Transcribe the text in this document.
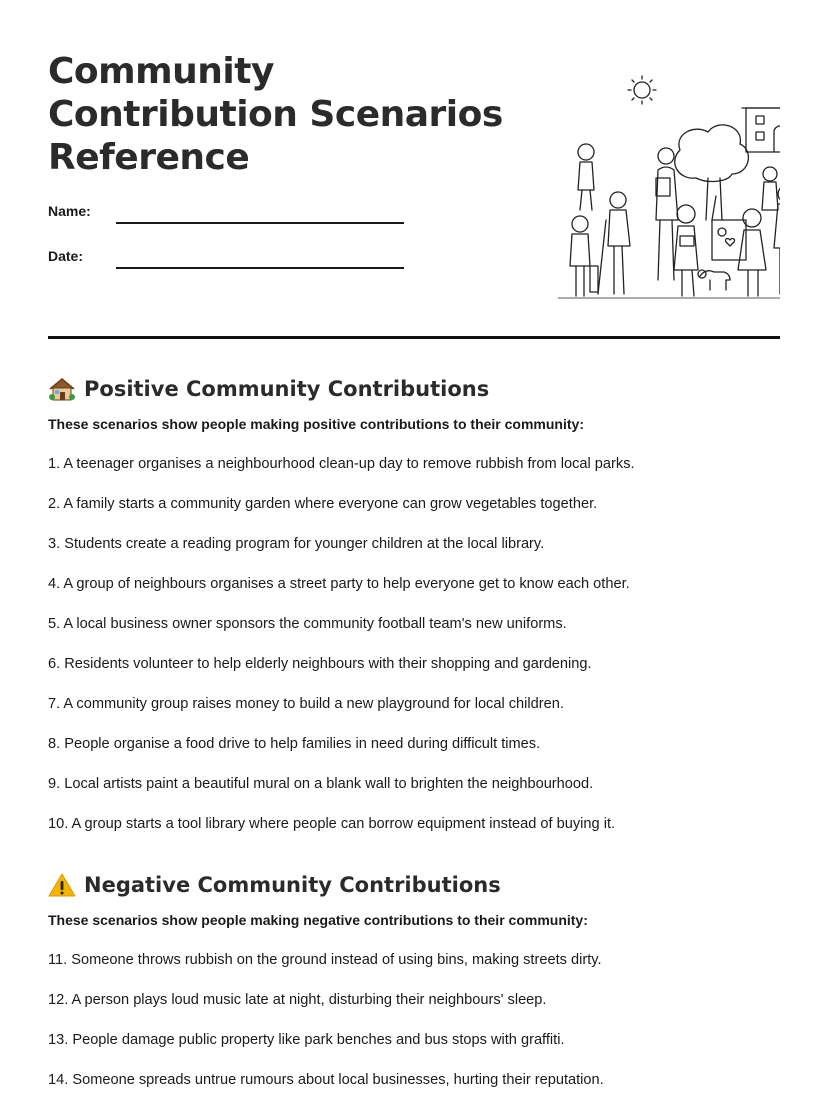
Community
Contribution Scenarios
Reference
Name:
Date:
Positive Community Contributions

These scenarios show people making positive contributions to their community:

1. A teenager organises a neighbourhood clean-up day to remove rubbish from local parks.
2. A family starts a community garden where everyone can grow vegetables together.
3. Students create a reading program for younger children at the local library.
4. A group of neighbours organises a street party to help everyone get to know each other.
5. A local business owner sponsors the community football team's new uniforms.
6. Residents volunteer to help elderly neighbours with their shopping and gardening.
7. A community group raises money to build a new playground for local children.
8. People organise a food drive to help families in need during difficult times.
9. Local artists paint a beautiful mural on a blank wall to brighten the neighbourhood.
10. A group starts a tool library where people can borrow equipment instead of buying it.
Negative Community Contributions

These scenarios show people making negative contributions to their community:

11. Someone throws rubbish on the ground instead of using bins, making streets dirty.
12. A person plays loud music late at night, disturbing their neighbours' sleep.
13. People damage public property like park benches and bus stops with graffiti.
14. Someone spreads untrue rumours about local businesses, hurting their reputation.
